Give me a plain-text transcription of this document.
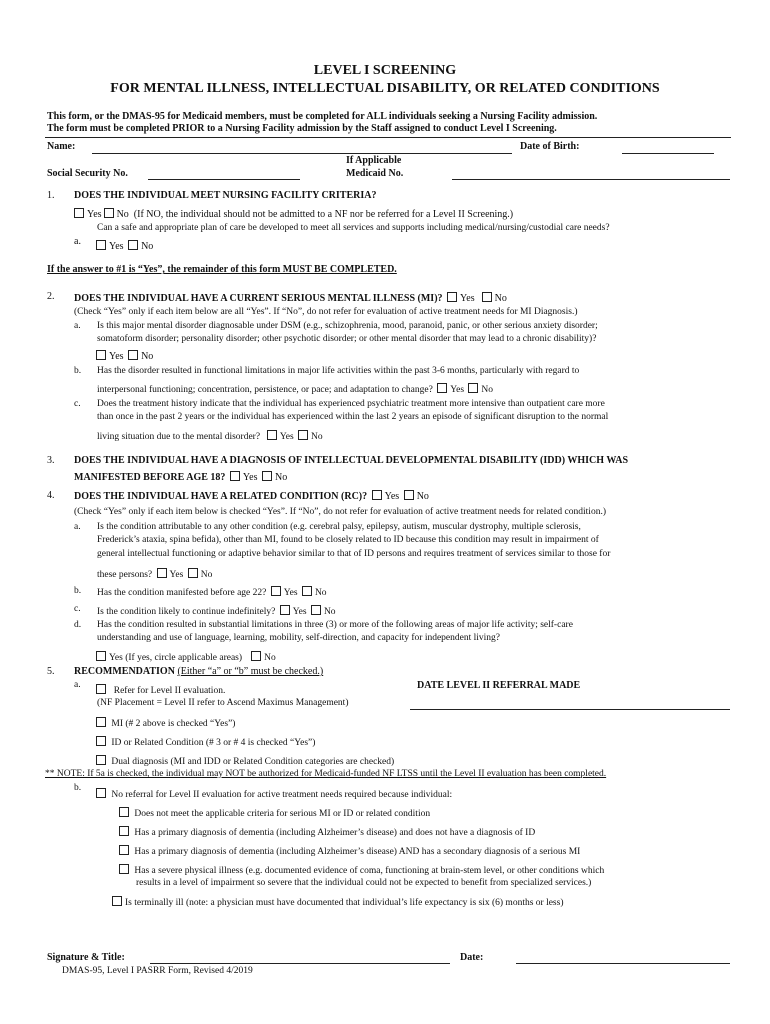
LEVEL I SCREENING
FOR MENTAL ILLNESS, INTELLECTUAL DISABILITY, OR RELATED CONDITIONS
This form, or the DMAS-95 for Medicaid members, must be completed for ALL individuals seeking a Nursing Facility admission.
The form must be completed PRIOR to a Nursing Facility admission by the Staff assigned to conduct Level I Screening.
Name:	Date of Birth:
Social Security No.
If Applicable
Medicaid No.
1. DOES THE INDIVIDUAL MEET NURSING FACILITY CRITERIA?
Yes No (If NO, the individual should not be admitted to a NF nor be referred for a Level II Screening.)
Can a safe and appropriate plan of care be developed to meet all services and supports including medical/nursing/custodial care needs?
a.	Yes No
If the answer to #1 is “Yes”, the remainder of this form MUST BE COMPLETED.
2. DOES THE INDIVIDUAL HAVE A CURRENT SERIOUS MENTAL ILLNESS (MI)? Yes No
(Check “Yes” only if each item below are all “Yes”. If “No”, do not refer for evaluation of active treatment needs for MI Diagnosis.)
a. Is this major mental disorder diagnosable under DSM (e.g., schizophrenia, mood, paranoid, panic, or other serious anxiety disorder;
somatoform disorder; personality disorder; other psychotic disorder; or other mental disorder that may lead to a chronic disability)?
Yes No
b. Has the disorder resulted in functional limitations in major life activities within the past 3-6 months, particularly with regard to
interpersonal functioning; concentration, persistence, or pace; and adaptation to change? Yes No
c. Does the treatment history indicate that the individual has experienced psychiatric treatment more intensive than outpatient care more
than once in the past 2 years or the individual has experienced within the last 2 years an episode of significant disruption to the normal
living situation due to the mental disorder? Yes No
3. DOES THE INDIVIDUAL HAVE A DIAGNOSIS OF INTELLECTUAL DEVELOPMENTAL DISABILITY (IDD) WHICH WAS
MANIFESTED BEFORE AGE 18? Yes No
4. DOES THE INDIVIDUAL HAVE A RELATED CONDITION (RC)? Yes No
(Check “Yes” only if each item below is checked “Yes”. If “No”, do not refer for evaluation of active treatment needs for related condition.)
a. Is the condition attributable to any other condition (e.g. cerebral palsy, epilepsy, autism, muscular dystrophy, multiple sclerosis,
Frederick’s ataxia, spina befida), other than MI, found to be closely related to ID because this condition may result in impairment of
general intellectual functioning or adaptive behavior similar to that of ID persons and requires treatment of services similar to those for
these persons? Yes No
b. Has the condition manifested before age 22? Yes No
c. Is the condition likely to continue indefinitely? Yes No
d. Has the condition resulted in substantial limitations in three (3) or more of the following areas of major life activity; self-care
understanding and use of language, learning, mobility, self-direction, and capacity for independent living?
Yes (If yes, circle applicable areas) No
5. RECOMMENDATION (Either “a” or “b” must be checked.)
a.
Refer for Level II evaluation.	DATE LEVEL II REFERRAL MADE
(NF Placement = Level II refer to Ascend Maximus Management)
MI (# 2 above is checked “Yes”)
ID or Related Condition (# 3 or # 4 is checked “Yes”)
Dual diagnosis (MI and IDD or Related Condition categories are checked)
** NOTE: If 5a is checked, the individual may NOT be authorized for Medicaid-funded NF LTSS until the Level II evaluation has been completed.
b.
No referral for Level II evaluation for active treatment needs required because individual:
Does not meet the applicable criteria for serious MI or ID or related condition
Has a primary diagnosis of dementia (including Alzheimer’s disease) and does not have a diagnosis of ID
Has a primary diagnosis of dementia (including Alzheimer’s disease) AND has a secondary diagnosis of a serious MI
Has a severe physical illness (e.g. documented evidence of coma, functioning at brain-stem level, or other conditions which
results in a level of impairment so severe that the individual could not be expected to benefit from specialized services.)
Is terminally ill (note: a physician must have documented that individual’s life expectancy is six (6) months or less)
Signature & Title:	Date:
DMAS-95, Level I PASRR Form, Revised 4/2019
